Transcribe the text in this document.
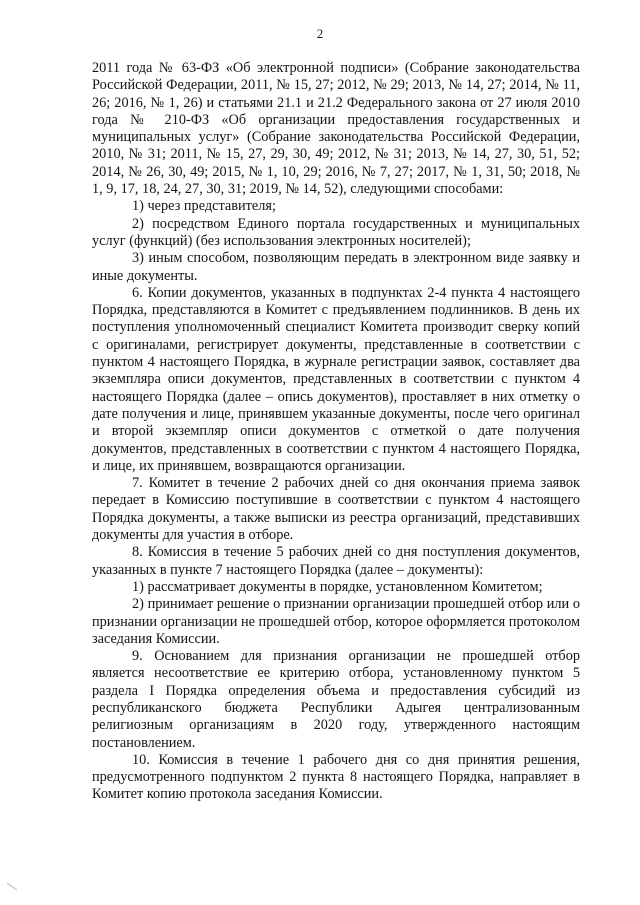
2

2011 года № 63-ФЗ «Об электронной подписи» (Собрание законодательства Российской Федерации, 2011, № 15, 27; 2012, № 29; 2013, № 14, 27; 2014, № 11, 26; 2016, № 1, 26) и статьями 21.1 и 21.2 Федерального закона от 27 июля 2010 года № 210-ФЗ «Об организации предоставления государственных и муниципальных услуг» (Собрание законодательства Российской Федерации, 2010, № 31; 2011, № 15, 27, 29, 30, 49; 2012, № 31; 2013, № 14, 27, 30, 51, 52; 2014, № 26, 30, 49; 2015, № 1, 10, 29; 2016, № 7, 27; 2017, № 1, 31, 50; 2018, № 1, 9, 17, 18, 24, 27, 30, 31; 2019, № 14, 52), следующими способами:

1) через представителя;

2) посредством Единого портала государственных и муниципальных услуг (функций) (без использования электронных носителей);

3) иным способом, позволяющим передать в электронном виде заявку и иные документы.

6. Копии документов, указанных в подпунктах 2-4 пункта 4 настоящего Порядка, представляются в Комитет с предъявлением подлинников. В день их поступления уполномоченный специалист Комитета производит сверку копий с оригиналами, регистрирует документы, представленные в соответствии с пунктом 4 настоящего Порядка, в журнале регистрации заявок, составляет два экземпляра описи документов, представленных в соответствии с пунктом 4 настоящего Порядка (далее – опись документов), проставляет в них отметку о дате получения и лице, принявшем указанные документы, после чего оригинал и второй экземпляр описи документов с отметкой о дате получения документов, представленных в соответствии с пунктом 4 настоящего Порядка, и лице, их принявшем, возвращаются организации.

7. Комитет в течение 2 рабочих дней со дня окончания приема заявок передает в Комиссию поступившие в соответствии с пунктом 4 настоящего Порядка документы, а также выписки из реестра организаций, представивших документы для участия в отборе.

8. Комиссия в течение 5 рабочих дней со дня поступления документов, указанных в пункте 7 настоящего Порядка (далее – документы):

1) рассматривает документы в порядке, установленном Комитетом;

2) принимает решение о признании организации прошедшей отбор или о признании организации не прошедшей отбор, которое оформляется протоколом заседания Комиссии.

9. Основанием для признания организации не прошедшей отбор является несоответствие ее критерию отбора, установленному пунктом 5 раздела I Порядка определения объема и предоставления субсидий из республиканского бюджета Республики Адыгея централизованным религиозным организациям в 2020 году, утвержденного настоящим постановлением.

10. Комиссия в течение 1 рабочего дня со дня принятия решения, предусмотренного подпунктом 2 пункта 8 настоящего Порядка, направляет в Комитет копию протокола заседания Комиссии.
